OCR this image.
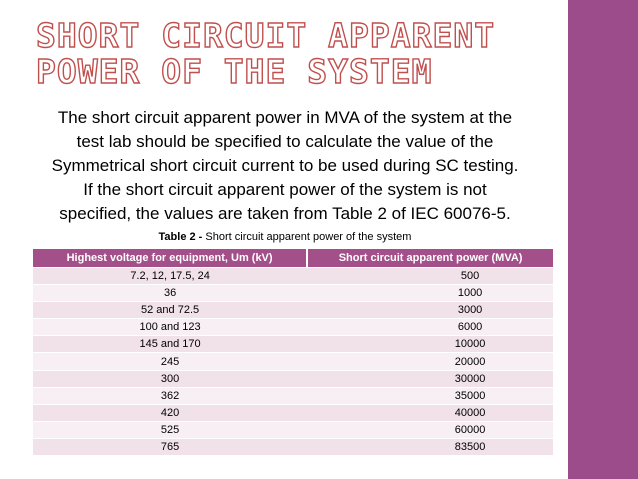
SHORT CIRCUIT APPARENT POWER OF THE SYSTEM
The short circuit apparent power in MVA of the system at the
test lab should be specified to calculate the value of the
Symmetrical short circuit current to be used during SC testing.
If the short circuit apparent power of the system is not
specified, the values are taken from Table 2 of IEC 60076-5.
Table 2 - Short circuit apparent power of the system
Highest voltage for equipment, Um (kV)	Short circuit apparent power (MVA)
7.2, 12, 17.5, 24	500
36	1000
52 and 72.5	3000
100 and 123	6000
145 and 170	10000
245	20000
300	30000
362	35000
420	40000
525	60000
765	83500
